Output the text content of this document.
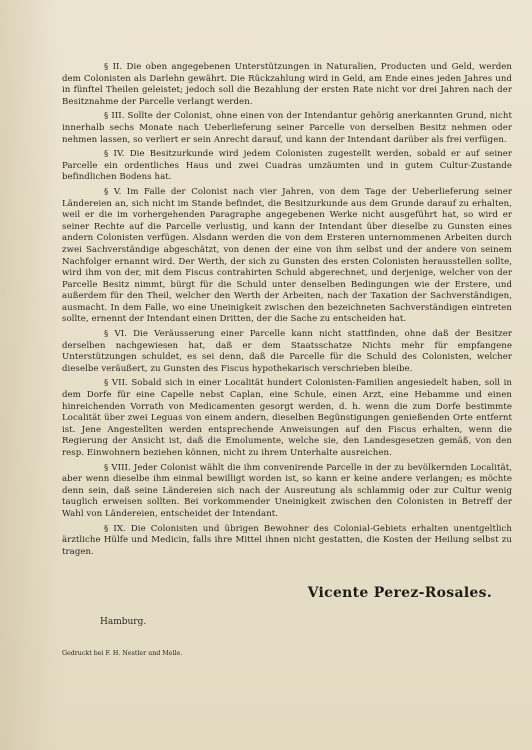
§ II. Die oben angegebenen Unterstützungen in Naturalien, Producten und Geld, werden dem Colonisten als Darlehn gewährt. Die Rückzahlung wird in Geld, am Ende eines jeden Jahres und in fünftel Theilen geleistet; jedoch soll die Bezahlung der ersten Rate nicht vor drei Jahren nach der Besitznahme der Parcelle verlangt werden.

§ III. Sollte der Colonist, ohne einen von der Intendantur gehörig anerkannten Grund, nicht innerhalb sechs Monate nach Ueberlieferung seiner Parcelle von derselben Besitz nehmen oder nehmen lassen, so verliert er sein Anrecht darauf, und kann der Intendant darüber als frei verfügen.

§ IV. Die Besitzurkunde wird jedem Colonisten zugestellt werden, sobald er auf seiner Parcelle ein ordentliches Haus und zwei Cuadras umzäumten und in gutem Cultur-Zustande befindlichen Bodens hat.

§ V. Im Falle der Colonist nach vier Jahren, von dem Tage der Ueberlieferung seiner Ländereien an, sich nicht im Stande befindet, die Besitzurkunde aus dem Grunde darauf zu erhalten, weil er die im vorhergehenden Paragraphe angegebenen Werke nicht ausgeführt hat, so wird er seiner Rechte auf die Parcelle verlustig, und kann der Intendant über dieselbe zu Gunsten eines andern Colonisten verfügen. Alsdann werden die von dem Ersteren unternommenen Arbeiten durch zwei Sachverständige abgeschätzt, von denen der eine von ihm selbst und der andere von seinem Nachfolger ernannt wird. Der Werth, der sich zu Gunsten des ersten Colonisten herausstellen sollte, wird ihm von der, mit dem Fiscus contrahirten Schuld abgerechnet, und derjenige, welcher von der Parcelle Besitz nimmt, bürgt für die Schuld unter denselben Bedingungen wie der Erstere, und außerdem für den Theil, welcher den Werth der Arbeiten, nach der Taxation der Sachverständigen, ausmacht. In dem Falle, wo eine Uneinigkeit zwischen den bezeichneten Sachverständigen eintreten sollte, ernennt der Intendant einen Dritten, der die Sache zu entscheiden hat.

§ VI. Die Veräusserung einer Parcelle kann nicht stattfinden, ohne daß der Besitzer derselben nachgewiesen hat, daß er dem Staatsschatze Nichts mehr für empfangene Unterstützungen schuldet, es sei denn, daß die Parcelle für die Schuld des Colonisten, welcher dieselbe veräußert, zu Gunsten des Fiscus hypothekarisch verschrieben bleibe.

§ VII. Sobald sich in einer Localität hundert Colonisten-Familien angesiedelt haben, soll in dem Dorfe für eine Capelle nebst Caplan, eine Schule, einen Arzt, eine Hebamme und einen hinreichenden Vorrath von Medicamenten gesorgt werden, d. h. wenn die zum Dorfe bestimmte Localität über zwei Leguas von einem andern, dieselben Begünstigungen genießenden Orte entfernt ist. Jene Angestellten werden entsprechende Anweisungen auf den Fiscus erhalten, wenn die Regierung der Ansicht ist, daß die Emolumente, welche sie, den Landesgesetzen gemäß, von den resp. Einwohnern beziehen können, nicht zu ihrem Unterhalte ausreichen.

§ VIII. Jeder Colonist wählt die ihm convenirende Parcelle in der zu bevölkernden Localität, aber wenn dieselbe ihm einmal bewilligt worden ist, so kann er keine andere verlangen; es möchte denn sein, daß seine Ländereien sich nach der Ausreutung als schlammig oder zur Cultur wenig tauglich erweisen sollten. Bei vorkommender Uneinigkeit zwischen den Colonisten in Betreff der Wahl von Ländereien, entscheidet der Intendant.

§ IX. Die Colonisten und übrigen Bewohner des Colonial-Gebiets erhalten unentgeltlich ärztliche Hülfe und Medicin, falls ihre Mittel ihnen nicht gestatten, die Kosten der Heilung selbst zu tragen.

Vicente Perez-Rosales.
Hamburg.
Gedruckt bei F. H. Nestler und Melle.
